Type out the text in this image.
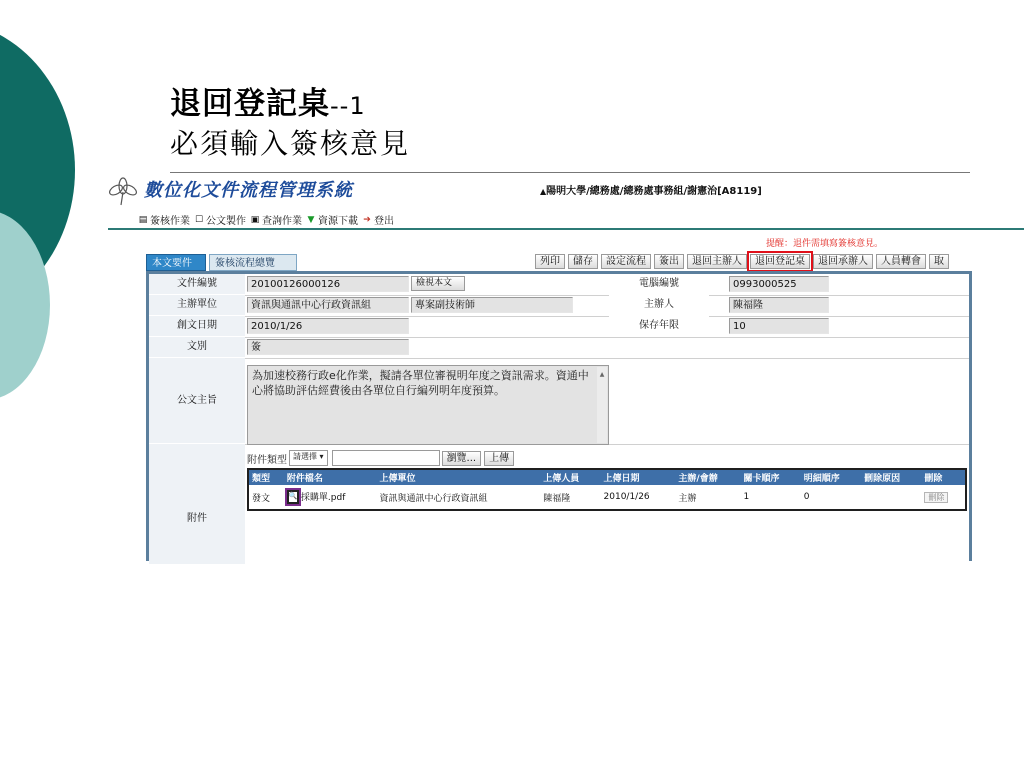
退回登記桌--1
必須輸入簽核意見
數位化文件流程管理系統	▲陽明大學/總務處/總務處事務組/謝憲治[A8119]
▤ 簽核作業 ☐ 公文製作 ▣ 查詢作業 ▼ 資源下載 ➔ 登出
提醒：退件需填寫簽核意見。
本文要件	簽核流程總覽	列印	儲存	設定流程	簽出	退回主辦人	退回登記桌	退回承辦人	人員轉會	取
文件編號	20100126000126	檢視本文	電腦編號	0993000525
主辦單位	資訊與通訊中心行政資訊組	專案副技術師	主辦人	陳福隆
創文日期	2010/1/26	保存年限	10
文別	簽
公文主旨
為加速校務行政e化作業，擬請各單位審視明年度之資訊需求。資通中心將協助評估經費後由各單位自行編列明年度預算。
▲

附件
附件類型 請選擇 ▾	瀏覽...	上傳
類型	附件檔名	上傳單位	上傳人員	上傳日期	主辦/會辦	關卡順序	明細順序	刪除原因	刪除
發文	🔍 採購單.pdf	資訊與通訊中心行政資訊組	陳福隆	2010/1/26	主辦	1	0		刪除
